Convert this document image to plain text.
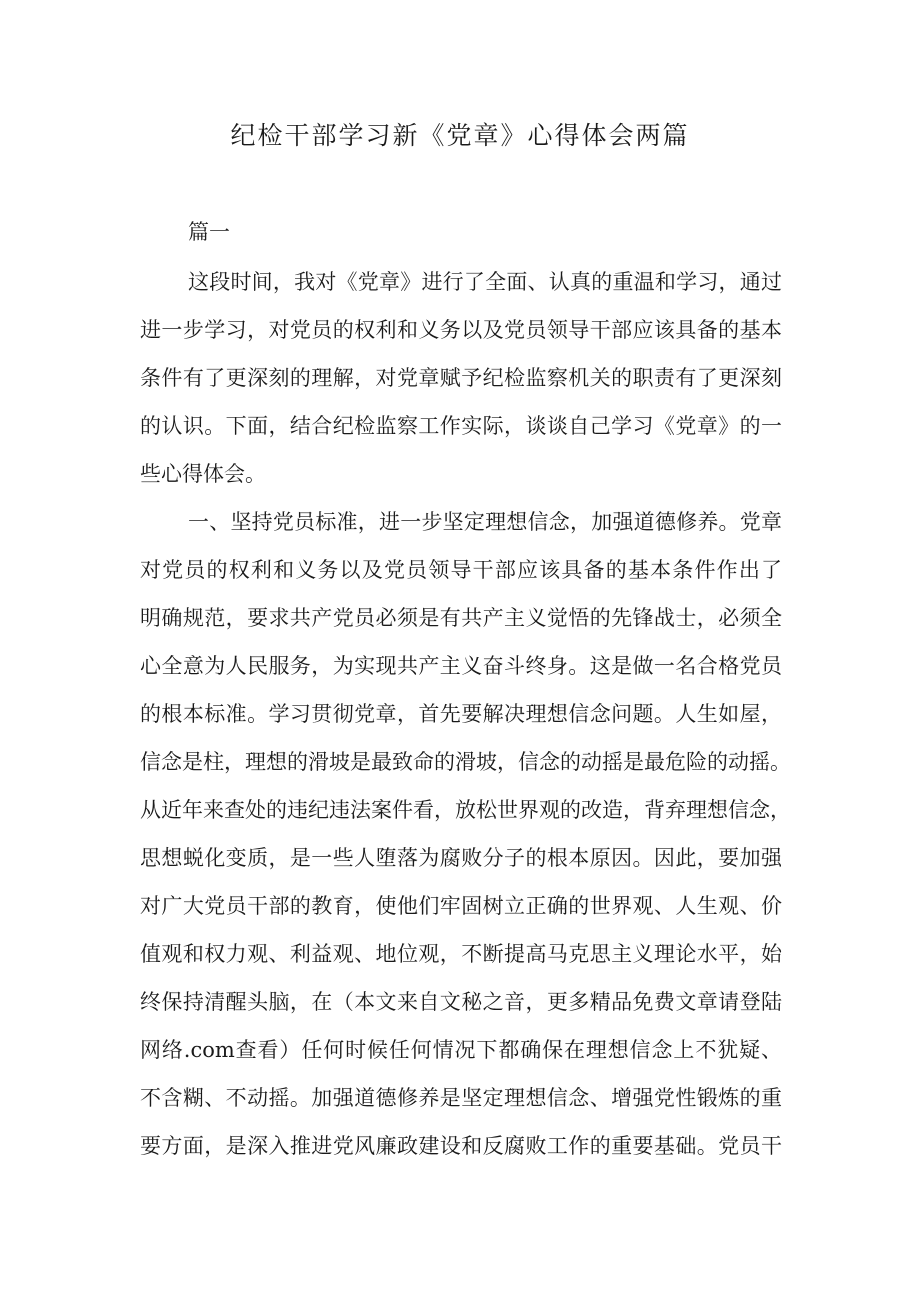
纪检干部学习新《党章》心得体会两篇
篇一
这段时间，我对《党章》进行了全面、认真的重温和学习，通过
进一步学习，对党员的权利和义务以及党员领导干部应该具备的基本
条件有了更深刻的理解，对党章赋予纪检监察机关的职责有了更深刻
的认识。下面，结合纪检监察工作实际，谈谈自己学习《党章》的一
些心得体会。
一、坚持党员标准，进一步坚定理想信念，加强道德修养。党章
对党员的权利和义务以及党员领导干部应该具备的基本条件作出了
明确规范，要求共产党员必须是有共产主义觉悟的先锋战士，必须全
心全意为人民服务，为实现共产主义奋斗终身。这是做一名合格党员
的根本标准。学习贯彻党章，首先要解决理想信念问题。人生如屋，
信念是柱，理想的滑坡是最致命的滑坡，信念的动摇是最危险的动摇。
从近年来查处的违纪违法案件看，放松世界观的改造，背弃理想信念，
思想蜕化变质，是一些人堕落为腐败分子的根本原因。因此，要加强
对广大党员干部的教育，使他们牢固树立正确的世界观、人生观、价
值观和权力观、利益观、地位观，不断提高马克思主义理论水平，始
终保持清醒头脑，在（本文来自文秘之音，更多精品免费文章请登陆
网络.com查看）任何时候任何情况下都确保在理想信念上不犹疑、
不含糊、不动摇。加强道德修养是坚定理想信念、增强党性锻炼的重
要方面，是深入推进党风廉政建设和反腐败工作的重要基础。党员干
